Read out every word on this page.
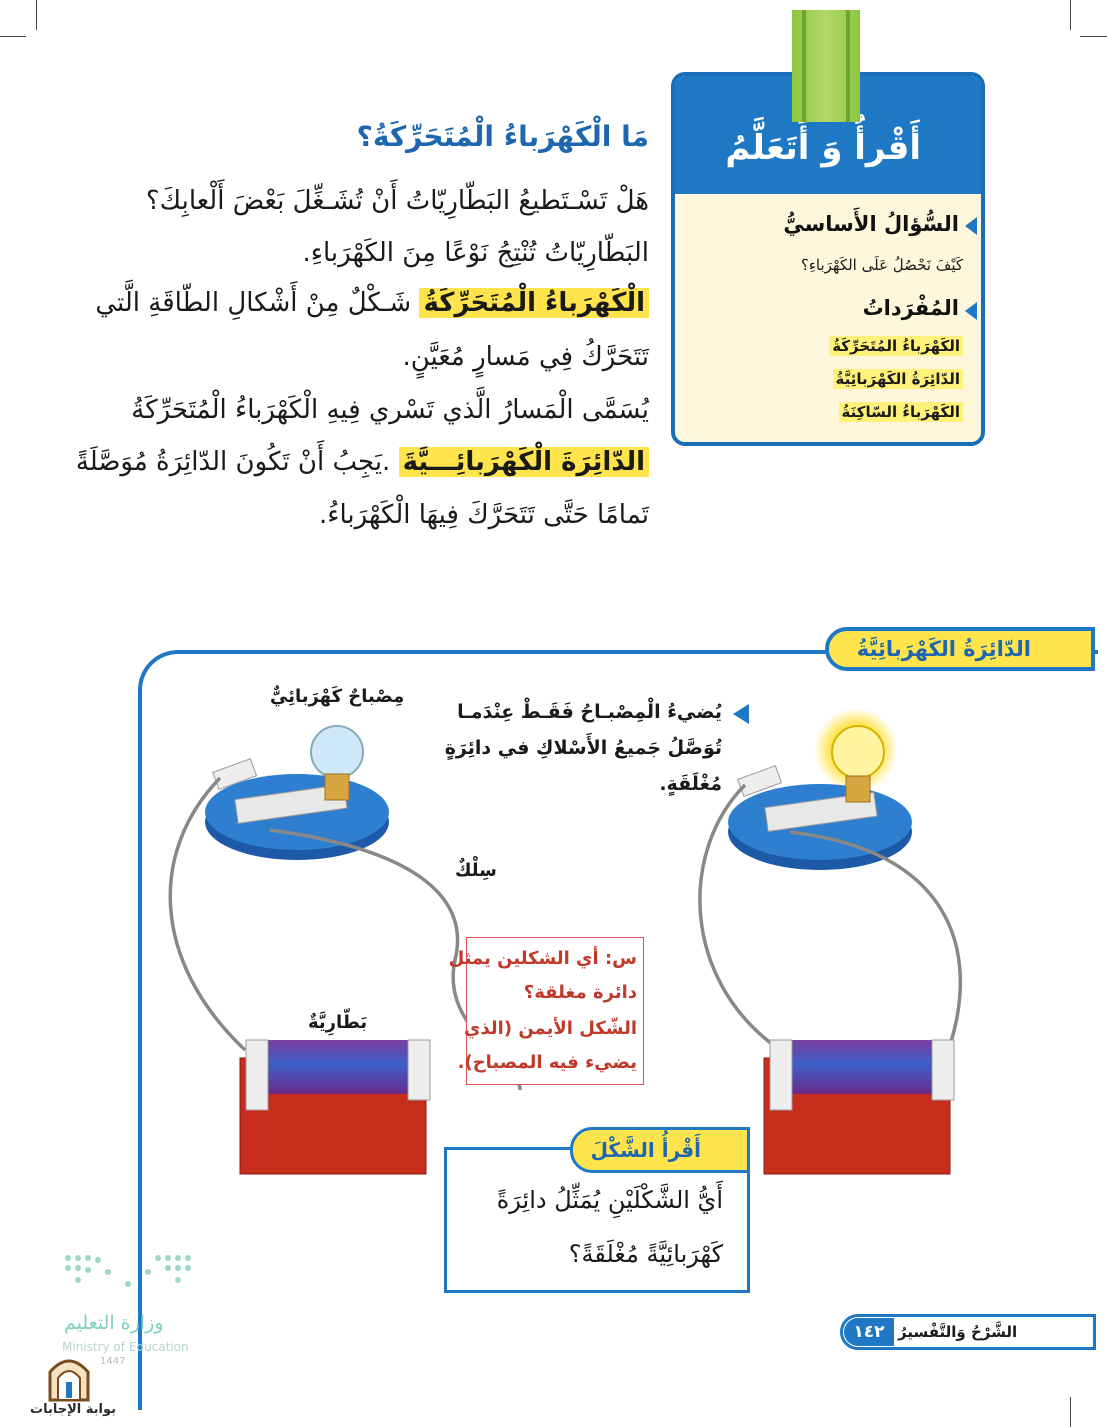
أَقْرأُ وَ أَتَعَلَّمُ
السُّؤالُ الأَساسيُّ
كَيْفَ نَحْصُلُ عَلَى الكَهْرَباءِ؟
المُفْرَداتُ
الكَهْرَباءُ المُتَحَرِّكَةُ
الدّائِرَةُ الكَهْرَبائِيَّةُ
الكَهْرَباءُ السّاكِنَةُ
مَا الْكَهْرَباءُ الْمُتَحَرِّكَةُ؟
هَلْ تَسْـتَطيعُ البَطّارِيّاتُ أَنْ تُشَـغِّلَ بَعْضَ أَلْعابِكَ؟
البَطّارِيّاتُ تُنْتِجُ نَوْعًا مِنَ الكَهْرَباءِ.
الْكَهْرَباءُ الْمُتَحَرِّكَةُ شَـكْلٌ مِنْ أَشْكالِ الطّاقَةِ الَّتي
تَتَحَرَّكُ فِي مَسارٍ مُعَيَّنٍ.
يُسَمَّى الْمَسارُ الَّذي تَسْري فِيهِ الْكَهْرَباءُ الْمُتَحَرِّكَةُ
الدّائِرَةَ الْكَهْرَبائِـــيَّةَ .يَجِبُ أَنْ تَكُونَ الدّائِرَةُ مُوَصَّلَةً
تَمامًا حَتَّى تَتَحَرَّكَ فِيهَا الْكَهْرَباءُ.
الدّائِرَةُ الكَهْرَبائِيَّةُ
مِصْباحٌ كَهْرَبائِيٌّ
سِلْكٌ
بَطّارِيَّةٌ
يُضيءُ الْمِصْبـاحُ فَقَـطْ عِنْدَمـا
تُوَصَّلُ جَميعُ الأَسْلاكِ في دائِرَةٍ
مُغْلَقَةٍ.
س: أي الشكلين يمثل
دائرة مغلقة؟
الشّكل الأيمن (الذي
يضيء فيه المصباح).
أَقْرأُ الشَّكْلَ
أَيُّ الشَّكْلَيْنِ يُمَثِّلُ دائِرَةً
كَهْرَبائِيَّةً مُغْلَقَةً؟
١٤٢ الشَّرْحُ وَالتَّفْسيرُ
وزارة التعليم
Ministry of Education
1447
بوابة الإجابات
